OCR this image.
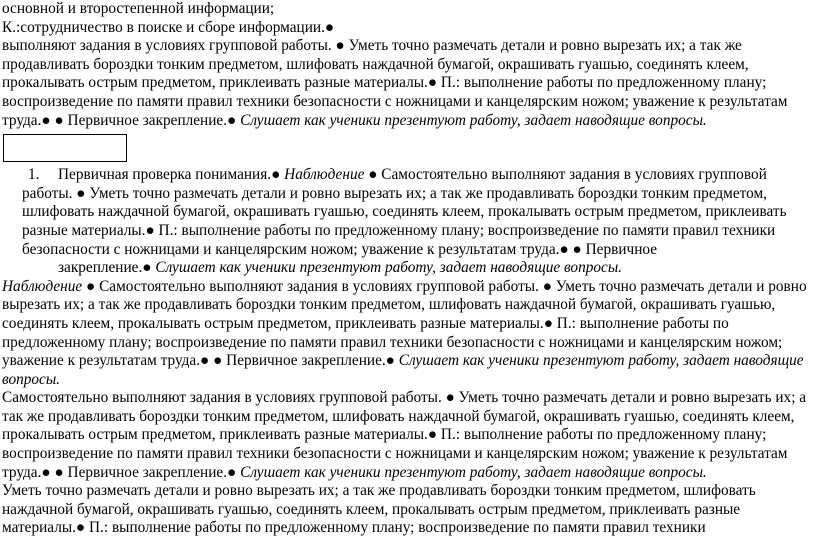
основной и второстепенной информации;

К.:сотрудничество в поиске и сборе информации.●

выполняют задания в условиях групповой работы. ● Уметь точно размечать детали и ровно вырезать их; а так же продавливать бороздки тонким предметом, шлифовать наждачной бумагой, окрашивать гуашью, соединять клеем, прокалывать острым предметом, приклеивать разные материалы.● П.: выполнение работы по предложенному плану; воспроизведение по памяти правил техники безопасности с ножницами и канцелярским ножом; уважение к результатам труда.● ● Первичное закрепление.● Слушает как ученики презентуют работу, задает наводящие вопросы.

1. Первичная проверка понимания.● Наблюдение ● Самостоятельно выполняют задания в условиях групповой работы. ● Уметь точно размечать детали и ровно вырезать их; а так же продавливать бороздки тонким предметом, шлифовать наждачной бумагой, окрашивать гуашью, соединять клеем, прокалывать острым предметом, приклеивать разные материалы.● П.: выполнение работы по предложенному плану; воспроизведение по памяти правил техники безопасности с ножницами и канцелярским ножом; уважение к результатам труда.● ● Первичное

закрепление.● Слушает как ученики презентуют работу, задает наводящие вопросы.

Наблюдение ● Самостоятельно выполняют задания в условиях групповой работы. ● Уметь точно размечать детали и ровно вырезать их; а так же продавливать бороздки тонким предметом, шлифовать наждачной бумагой, окрашивать гуашью, соединять клеем, прокалывать острым предметом, приклеивать разные материалы.● П.: выполнение работы по предложенному плану; воспроизведение по памяти правил техники безопасности с ножницами и канцелярским ножом; уважение к результатам труда.● ● Первичное закрепление.● Слушает как ученики презентуют работу, задает наводящие вопросы.

Самостоятельно выполняют задания в условиях групповой работы. ● Уметь точно размечать детали и ровно вырезать их; а так же продавливать бороздки тонким предметом, шлифовать наждачной бумагой, окрашивать гуашью, соединять клеем, прокалывать острым предметом, приклеивать разные материалы.● П.: выполнение работы по предложенному плану; воспроизведение по памяти правил техники безопасности с ножницами и канцелярским ножом; уважение к результатам труда.● ● Первичное закрепление.● Слушает как ученики презентуют работу, задает наводящие вопросы.

Уметь точно размечать детали и ровно вырезать их; а так же продавливать бороздки тонким предметом, шлифовать наждачной бумагой, окрашивать гуашью, соединять клеем, прокалывать острым предметом, приклеивать разные материалы.● П.: выполнение работы по предложенному плану; воспроизведение по памяти правил техники
